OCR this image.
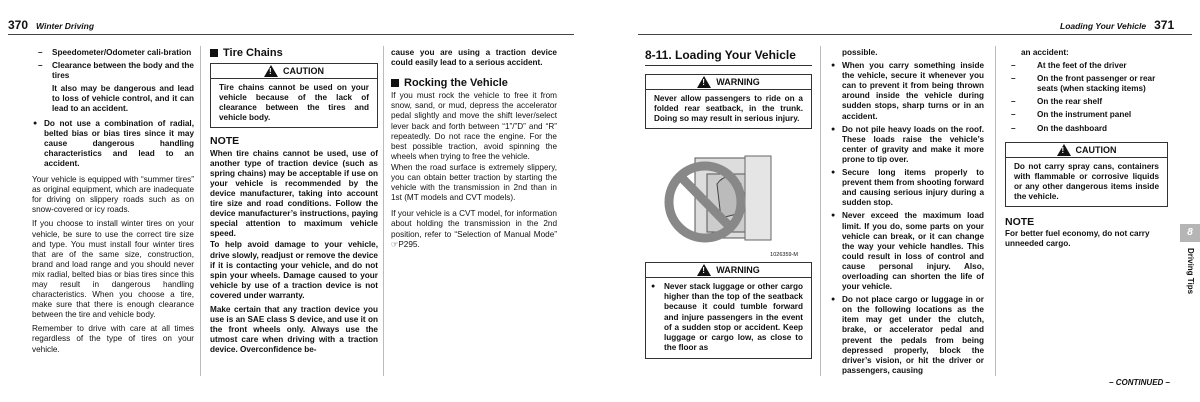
370 Winter Driving
– Speedometer/Odometer cali-bration
– Clearance between the body and the tires

It also may be dangerous and lead to loss of vehicle control, and it can lead to an accident.

● Do not use a combination of radial, belted bias or bias tires since it may cause dangerous handling characteristics and lead to an accident.

Your vehicle is equipped with “summer tires” as original equipment, which are inadequate for driving on slippery roads such as on snow-covered or icy roads.

If you choose to install winter tires on your vehicle, be sure to use the correct tire size and type. You must install four winter tires that are of the same size, construction, brand and load range and you should never mix radial, belted bias or bias tires since this may result in dangerous handling characteristics. When you choose a tire, make sure that there is enough clearance between the tire and vehicle body.

Remember to drive with care at all times regardless of the type of tires on your vehicle.

Tire Chains
!
CAUTION
Tire chains cannot be used on your vehicle because of the lack of clearance between the tires and vehicle body.
NOTE

When tire chains cannot be used, use of another type of traction device (such as spring chains) may be acceptable if use on your vehicle is recommended by the device manufacturer, taking into account tire size and road conditions. Follow the device manufacturer’s instructions, paying special attention to maximum vehicle speed.

To help avoid damage to your vehicle, drive slowly, readjust or remove the device if it is contacting your vehicle, and do not spin your wheels. Damage caused to your vehicle by use of a traction device is not covered under warranty.

Make certain that any traction device you use is an SAE class S device, and use it on the front wheels only. Always use the utmost care when driving with a traction device. Overconfidence be-

cause you are using a traction device could easily lead to a serious accident.

Rocking the Vehicle

If you must rock the vehicle to free it from snow, sand, or mud, depress the accelerator pedal slightly and move the shift lever/select lever back and forth between “1”/”D” and “R” repeatedly. Do not race the engine. For the best possible traction, avoid spinning the wheels when trying to free the vehicle.

When the road surface is extremely slippery, you can obtain better traction by starting the vehicle with the transmission in 2nd than in 1st (MT models and CVT models).

If your vehicle is a CVT model, for information about holding the transmission in the 2nd position, refer to “Selection of Manual Mode” ☞P295.

Loading Your Vehicle 371
8-11. Loading Your Vehicle
!
WARNING
Never allow passengers to ride on a folded rear seatback, in the trunk. Doing so may result in serious injury.
1026359-M
!
WARNING
● Never stack luggage or other cargo higher than the top of the seatback because it could tumble forward and injure passengers in the event of a sudden stop or accident. Keep luggage or cargo low, as close to the floor as

possible.

● When you carry something inside the vehicle, secure it whenever you can to prevent it from being thrown around inside the vehicle during sudden stops, sharp turns or in an accident.
● Do not pile heavy loads on the roof. These loads raise the vehicle’s center of gravity and make it more prone to tip over.
● Secure long items properly to prevent them from shooting forward and causing serious injury during a sudden stop.
● Never exceed the maximum load limit. If you do, some parts on your vehicle can break, or it can change the way your vehicle handles. This could result in loss of control and cause personal injury. Also, overloading can shorten the life of your vehicle.
● Do not place cargo or luggage in or on the following locations as the item may get under the clutch, brake, or accelerator pedal and prevent the pedals from being depressed properly, block the driver’s vision, or hit the driver or passengers, causing

an accident:

– At the feet of the driver
– On the front passenger or rear seats (when stacking items)
– On the rear shelf
– On the instrument panel
– On the dashboard
!
CAUTION
Do not carry spray cans, containers with flammable or corrosive liquids or any other dangerous items inside the vehicle.
NOTE

For better fuel economy, do not carry unneeded cargo.

8
Driving Tips
– CONTINUED –
